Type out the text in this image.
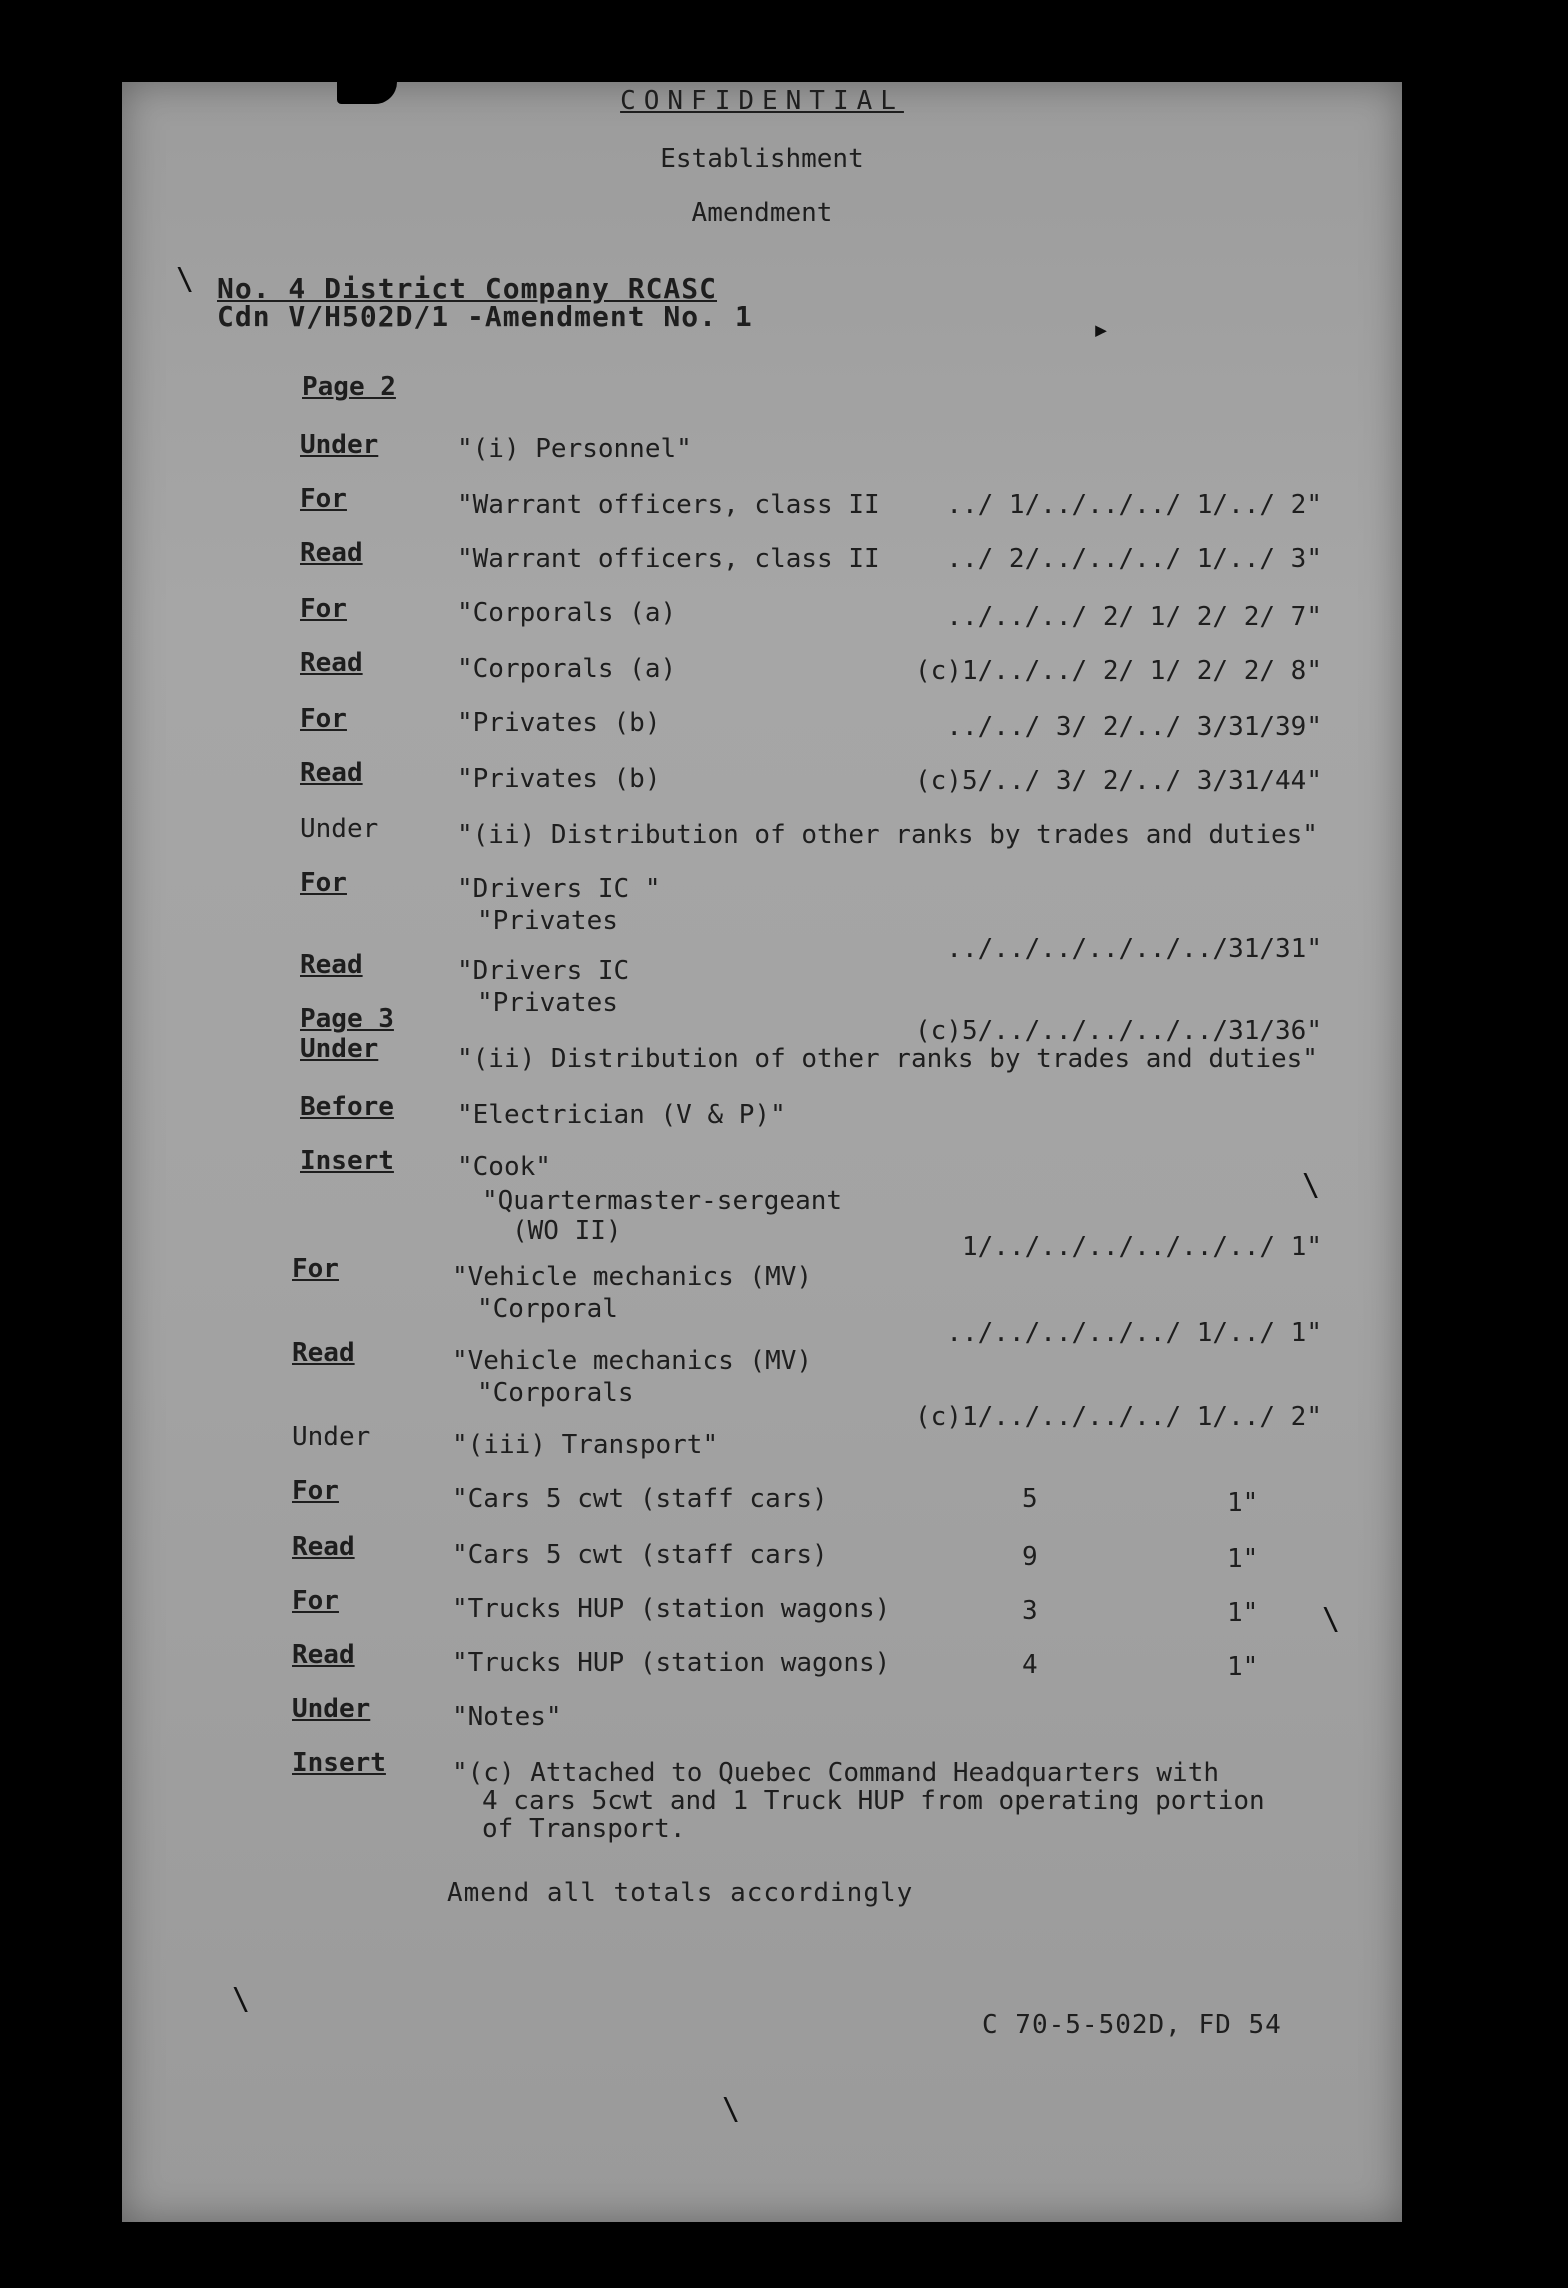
CONFIDENTIAL
Establishment
Amendment
No. 4 District Company RCASC
Cdn V/H502D/1 -Amendment No. 1
Page 2
Under	"(i) Personnel"
For	"Warrant officers, class II	../ 1/../../../ 1/../ 2"
Read	"Warrant officers, class II	../ 2/../../../ 1/../ 3"
For	"Corporals (a)	../../../ 2/ 1/ 2/ 2/ 7"
Read	"Corporals (a)	(c)1/../../ 2/ 1/ 2/ 2/ 8"
For	"Privates (b)	../../ 3/ 2/../ 3/31/39"
Read	"Privates (b)	(c)5/../ 3/ 2/../ 3/31/44"
Under	"(ii) Distribution of other ranks by trades and duties"
For	"Drivers IC "
"Privates
../../../../../../31/31"
Read	"Drivers IC
"Privates
(c)5/../../../../../31/36"
Page 3
Under	"(ii) Distribution of other ranks by trades and duties"
Before "Electrician (V & P)"
Insert "Cook"
"Quartermaster-sergeant
(WO II)
1/../../../../../../ 1"
For	"Vehicle mechanics (MV)
"Corporal
../../../../../ 1/../ 1"
Read	"Vehicle mechanics (MV)
"Corporals
(c)1/../../../../ 1/../ 2"
Under	"(iii) Transport"
For	"Cars 5 cwt (staff cars)	5	1"
Read	"Cars 5 cwt (staff cars)	9	1"
For	"Trucks HUP (station wagons)	3	1"
Read	"Trucks HUP (station wagons)	4	1"
Under	"Notes"
Insert	"(c) Attached to Quebec Command Headquarters with
4 cars 5cwt and 1 Truck HUP from operating portion
of Transport.
Amend all totals accordingly
C 70-5-502D, FD 54
\
▸
\
\
\
\
